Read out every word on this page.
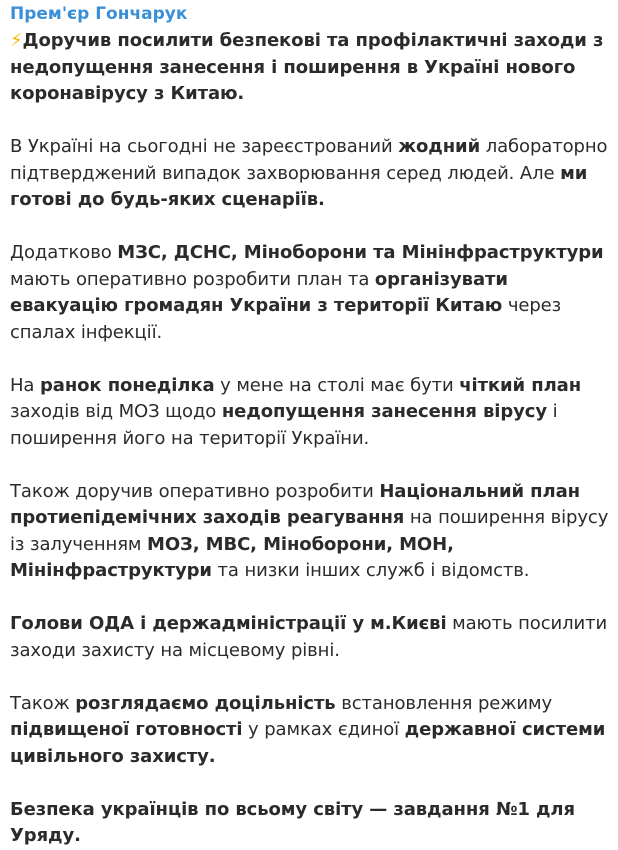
Прем'єр Гончарук
⚡Доручив посилити безпекові та профілактичні заходи з недопущення занесення і поширення в Україні нового коронавірусу з Китаю.
В Україні на сьогодні не зареєстрований жодний лабораторно підтверджений випадок захворювання серед людей. Але ми готові до будь-яких сценаріїв.
Додатково МЗС, ДСНС, Міноборони та Мінінфраструктури мають оперативно розробити план та організувати евакуацію громадян України з території Китаю через спалах інфекції.
На ранок понеділка у мене на столі має бути чіткий план заходів від МОЗ щодо недопущення занесення вірусу і поширення його на території України.
Також доручив оперативно розробити Національний план протиепідемічних заходів реагування на поширення вірусу із залученням МОЗ, МВС, Міноборони, МОН, Мінінфраструктури та низки інших служб і відомств.
Голови ОДА і держадміністрації у м.Києві мають посилити заходи захисту на місцевому рівні.
Також розглядаємо доцільність встановлення режиму підвищеної готовності у рамках єдиної державної системи цивільного захисту.
Безпека українців по всьому світу — завдання №1 для Уряду.
